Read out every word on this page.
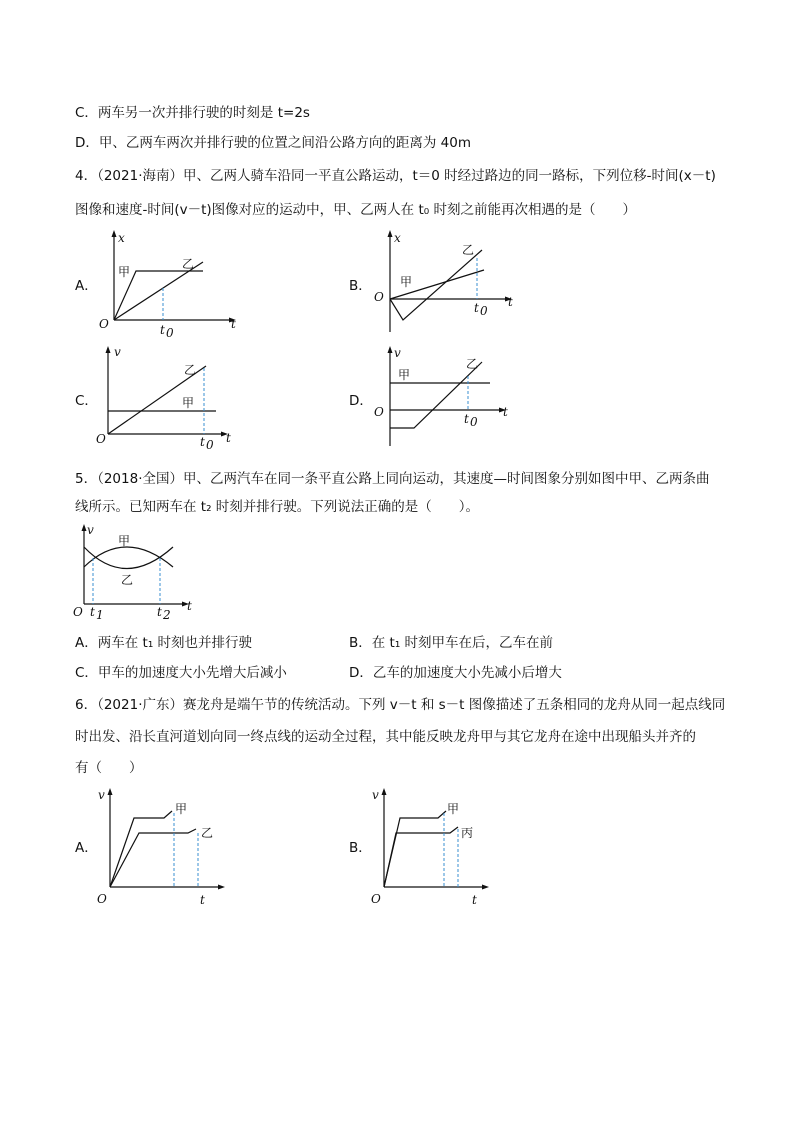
C．两车另一次并排行驶的时刻是 t=2s
D．甲、乙两车两次并排行驶的位置之间沿公路方向的距离为 40m
4．（2021·海南）甲、乙两人骑车沿同一平直公路运动，t＝0 时经过路边的同一路标，下列位移-时间(x－t)
图像和速度-时间(v－t)图像对应的运动中，甲、乙两人在 t₀ 时刻之前能再次相遇的是（　　）
A．	B．
C．	D．
x
t
O
甲
乙
t 0
x
t
O
甲
乙
t 0
v
t
O
甲
乙
t 0
v
t
O
甲
乙
t 0
5．（2018·全国）甲、乙两汽车在同一条平直公路上同向运动，其速度—时间图象分别如图中甲、乙两条曲
线所示。已知两车在 t₂ 时刻并排行驶。下列说法正确的是（　　）。
v
t
O
甲
乙
t 1	t 2
A．两车在 t₁ 时刻也并排行驶	B．在 t₁ 时刻甲车在后，乙车在前
C．甲车的加速度大小先增大后减小	D．乙车的加速度大小先减小后增大
6．（2021·广东）赛龙舟是端午节的传统活动。下列 v－t 和 s－t 图像描述了五条相同的龙舟从同一起点线同
时出发、沿长直河道划向同一终点线的运动全过程，其中能反映龙舟甲与其它龙舟在途中出现船头并齐的
有（　　）
A．	B．
v
t
O
甲
乙
v
t
O
甲
丙
